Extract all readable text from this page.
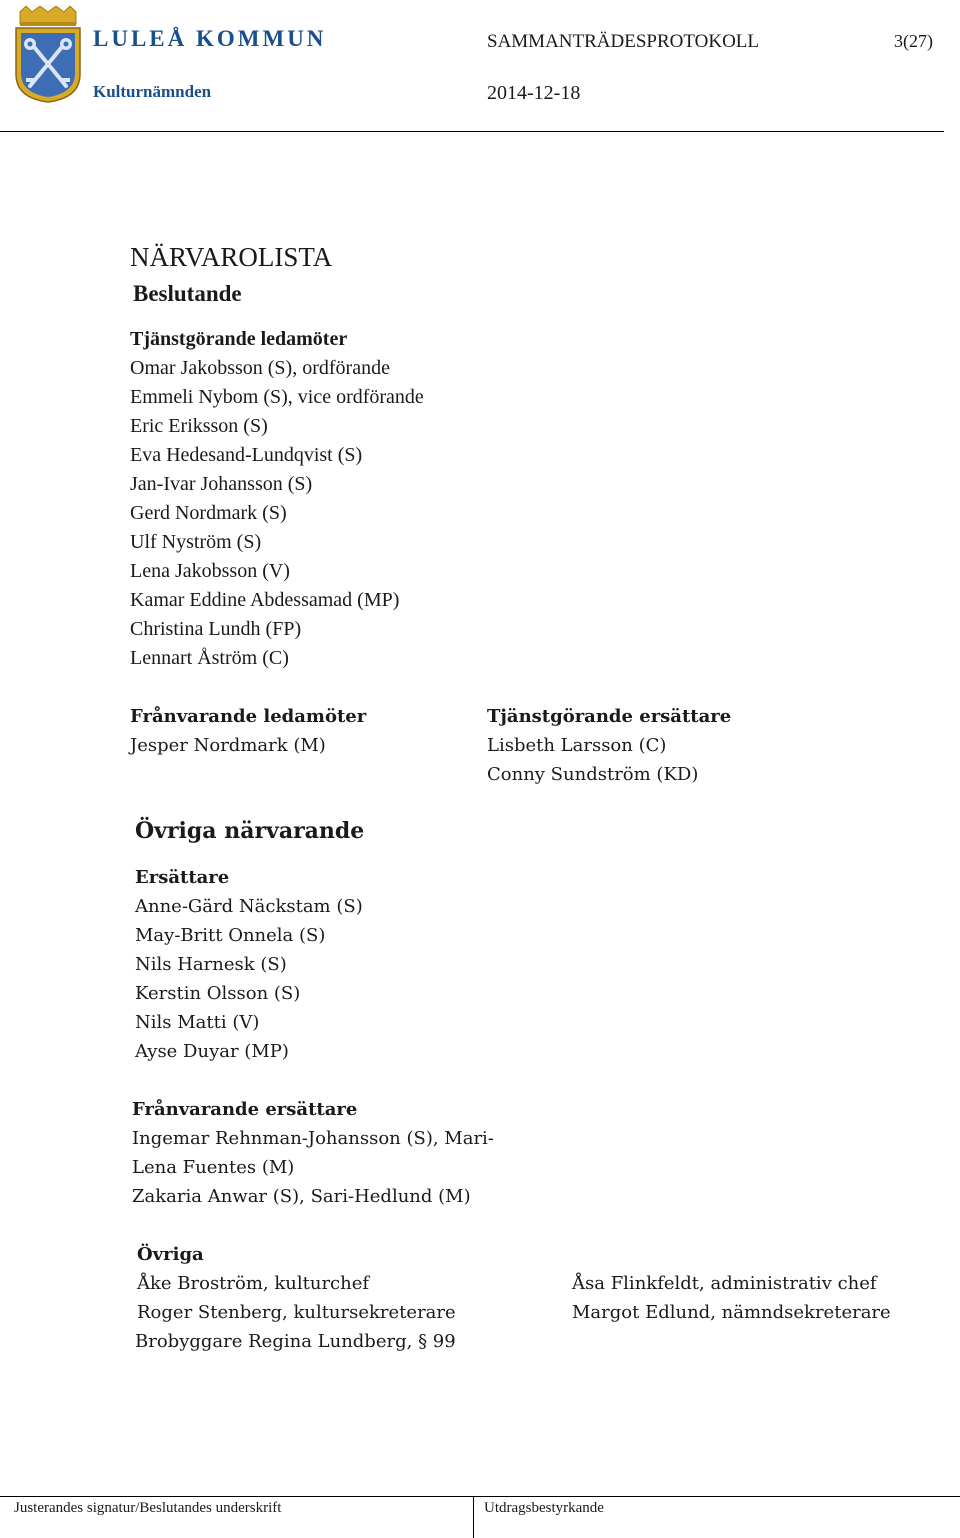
LULEÅ KOMMUN
Kulturnämnden
SAMMANTRÄDESPROTOKOLL	3(27)
2014-12-18
NÄRVAROLISTA
Beslutande
Tjänstgörande ledamöter
Omar Jakobsson (S), ordförande
Emmeli Nybom (S), vice ordförande
Eric Eriksson (S)
Eva Hedesand-Lundqvist (S)
Jan-Ivar Johansson (S)
Gerd Nordmark (S)
Ulf Nyström (S)
Lena Jakobsson (V)
Kamar Eddine Abdessamad (MP)
Christina Lundh (FP)
Lennart Åström (C)
Frånvarande ledamöter
Jesper Nordmark (M)
Tjänstgörande ersättare
Lisbeth Larsson (C)
Conny Sundström (KD)
Övriga närvarande
Ersättare
Anne-Gärd Näckstam (S)
May-Britt Onnela (S)
Nils Harnesk (S)
Kerstin Olsson (S)
Nils Matti (V)
Ayse Duyar (MP)
Frånvarande ersättare
Ingemar Rehnman-Johansson (S), Mari-
Lena Fuentes (M)
Zakaria Anwar (S), Sari-Hedlund (M)
Övriga
Åke Broström, kulturchef
Roger Stenberg, kultursekreterare
Brobyggare Regina Lundberg, § 99
Åsa Flinkfeldt, administrativ chef
Margot Edlund, nämndsekreterare
Justerandes signatur/Beslutandes underskrift	Utdragsbestyrkande
